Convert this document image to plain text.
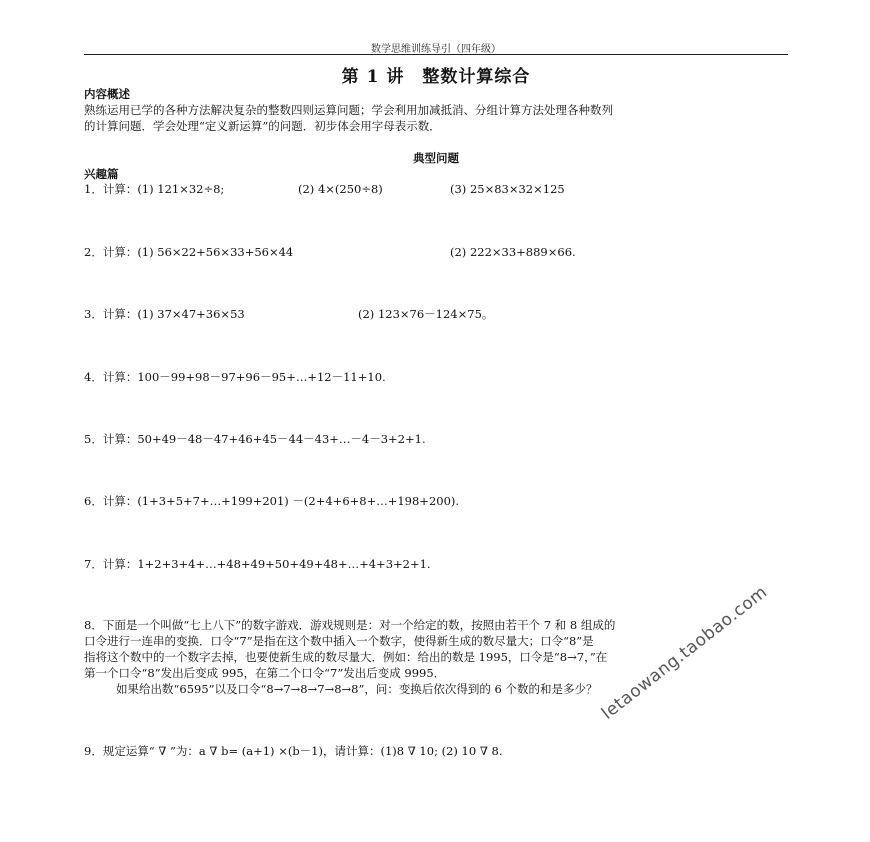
数学思维训练导引（四年级）
第 1 讲　整数计算综合
内容概述
熟练运用已学的各种方法解决复杂的整数四则运算问题；学会利用加减抵消、分组计算方法处理各种数列
的计算问题．学会处理“定义新运算”的问题．初步体会用字母表示数．
典型问题
兴趣篇
1．计算：(1) 121×32÷8;	(2) 4×(250÷8)	(3) 25×83×32×125
2．计算：(1) 56×22+56×33+56×44	(2) 222×33+889×66.
3．计算：(1) 37×47+36×53	(2) 123×76－124×75。
4．计算：100－99+98－97+96－95+…+12－11+10.
5．计算：50+49－48－47+46+45－44－43+…－4－3+2+1.
6．计算：(1+3+5+7+…+199+201) －(2+4+6+8+…+198+200).
7．计算：1+2+3+4+…+48+49+50+49+48+…+4+3+2+1.
8．下面是一个叫做“七上八下”的数字游戏．游戏规则是：对一个给定的数，按照由若干个 7 和 8 组成的
口令进行一连串的变换．口令“7”是指在这个数中插入一个数字，使得新生成的数尽量大；口令“8”是
指将这个数中的一个数字去掉，也要使新生成的数尽量大．例如：给出的数是 1995，口令是“8→7，”在
第一个口令“8”发出后变成 995，在第二个口令“7”发出后变成 9995．
如果给出数“6595”以及口令“8→7→8→7→8→8”，问：变换后依次得到的 6 个数的和是多少？
9．规定运算“ ∇ ”为：a ∇ b= (a+1) ×(b－1)，请计算：(1)8 ∇ 10; (2) 10 ∇ 8.
letaowang.taobao.com
